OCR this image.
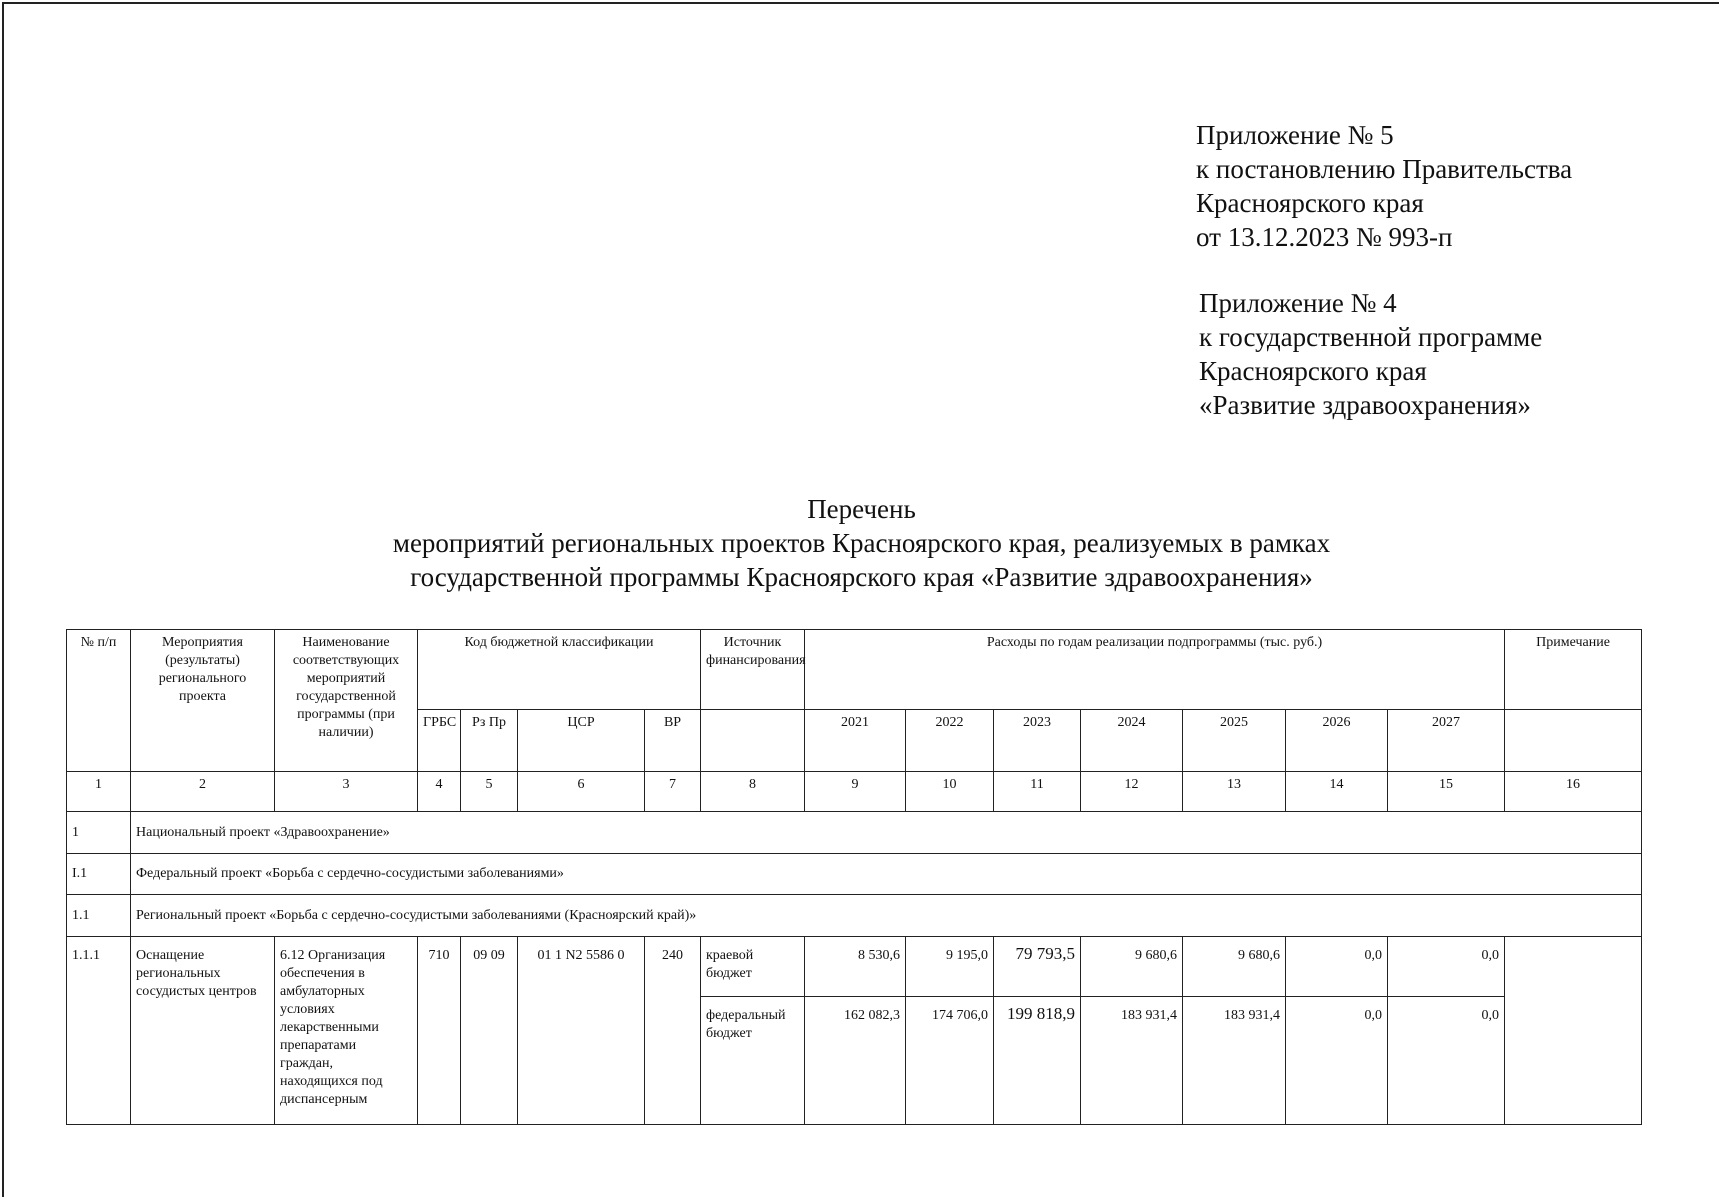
Приложение № 5
к постановлению Правительства
Красноярского края
от 13.12.2023 № 993-п
Приложение № 4
к государственной программе
Красноярского края
«Развитие здравоохранения»
Перечень
мероприятий региональных проектов Красноярского края, реализуемых в рамках
государственной программы Красноярского края «Развитие здравоохранения»
№ п/п	Мероприятия (результаты) регионального проекта	Наименование соответствующих мероприятий государственной программы (при наличии)	Код бюджетной классификации				Источник финансирования	Расходы по годам реализации подпрограммы (тыс. руб.)							Примечание
			ГРБС	Рз Пр	ЦСР	ВР		2021	2022	2023	2024	2025	2026	2027	
1	2	3	4	5	6	7	8	9	10	11	12	13	14	15	16
1	Национальный проект «Здравоохранение»														
I.1	Федеральный проект «Борьба с сердечно-сосудистыми заболеваниями»														
1.1	Региональный проект «Борьба с сердечно-сосудистыми заболеваниями (Красноярский край)»														
1.1.1	Оснащение региональных сосудистых центров	6.12 Организация обеспечения в амбулаторных условиях лекарственными препаратами граждан, находящихся под диспансерным	710	09 09	01 1 N2 5586 0	240	краевой бюджет	8 530,6	9 195,0	79 793,5	9 680,6	9 680,6	0,0	0,0	
							федеральный бюджет	162 082,3	174 706,0	199 818,9	183 931,4	183 931,4	0,0	0,0	
